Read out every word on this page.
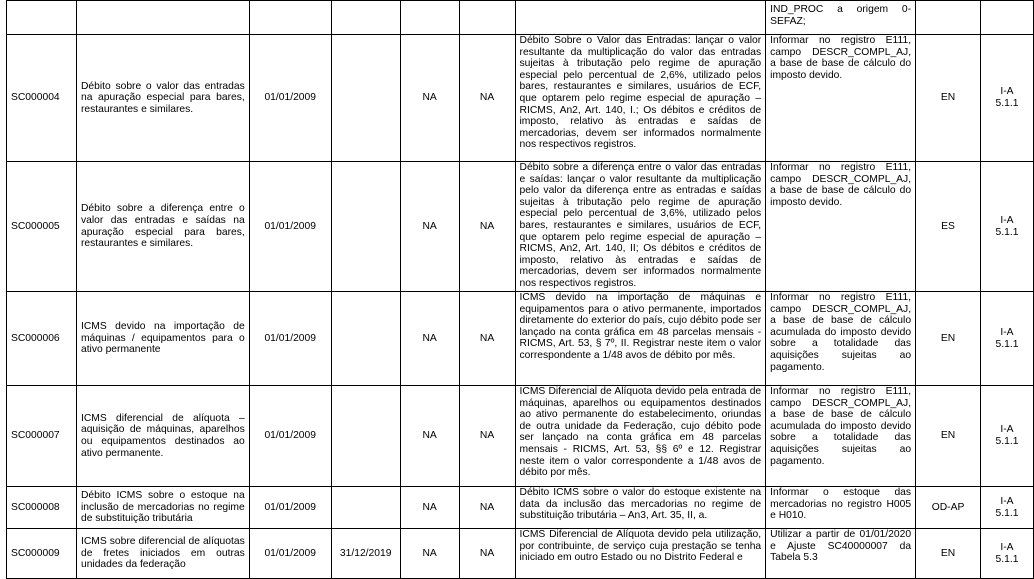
							IND_PROC  a  origem  0-
SEFAZ;		

SC000004	Débito sobre o valor das entradas na apuração especial para bares, restaurantes e similares.	01/01/2009		NA	NA	Débito Sobre o Valor das Entradas: lançar o valor resultante da multiplicação do valor das entradas sujeitas à tributação pelo regime de apuração especial pelo percentual de 2,6%, utilizado pelos bares, restaurantes e similares, usuários de ECF, que optarem pelo regime especial de apuração – RICMS, An2, Art. 140, I.; Os débitos e créditos de imposto, relativo às entradas e saídas de mercadorias, devem ser informados normalmente nos respectivos registros.	Informar no registro E111, campo DESCR_COMPL_AJ, a base de base de cálculo do imposto devido.	EN	I-A
5.1.1

SC000005	Débito sobre a diferença entre o valor das entradas e saídas na apuração especial para bares, restaurantes e similares.	01/01/2009		NA	NA	Débito sobre a diferença entre o valor das entradas e saídas: lançar o valor resultante da multiplicação pelo valor da diferença entre as entradas e saídas sujeitas à tributação pelo regime de apuração especial pelo percentual de 3,6%, utilizado pelos bares, restaurantes e similares, usuários de ECF, que optarem pelo regime especial de apuração – RICMS, An2, Art. 140, II; Os débitos e créditos de imposto, relativo às entradas e saídas de mercadorias, devem ser informados normalmente nos respectivos registros.	Informar no registro E111, campo DESCR_COMPL_AJ, a base de base de cálculo do imposto devido.	ES	I-A
5.1.1

SC000006	ICMS devido na importação de máquinas / equipamentos para o ativo permanente	01/01/2009		NA	NA	ICMS devido na importação de máquinas e equipamentos para o ativo permanente, importados diretamente do exterior do país, cujo débito pode ser lançado na conta gráfica em 48 parcelas mensais - RICMS, Art. 53, § 7º, II. Registrar neste item o valor correspondente a 1/48 avos de débito por mês.	Informar no registro E111, campo DESCR_COMPL_AJ, a base de base de cálculo acumulada do imposto devido sobre a totalidade das aquisições sujeitas ao pagamento.	EN	I-A
5.1.1

SC000007	ICMS diferencial de alíquota – aquisição de máquinas, aparelhos ou equipamentos destinados ao ativo permanente.	01/01/2009		NA	NA	ICMS Diferencial de Alíquota devido pela entrada de máquinas, aparelhos ou equipamentos destinados ao ativo permanente do estabelecimento, oriundas de outra unidade da Federação, cujo débito pode ser lançado na conta gráfica em 48 parcelas mensais - RICMS, Art. 53, §§ 6º e 12. Registrar neste item o valor correspondente a 1/48 avos de débito por mês.	Informar no registro E111, campo DESCR_COMPL_AJ, a base de base de cálculo acumulada do imposto devido sobre a totalidade das aquisições sujeitas ao pagamento.	EN	I-A
5.1.1

SC000008	Débito ICMS sobre o estoque na inclusão de mercadorias no regime de substituição tributária	01/01/2009		NA	NA	Débito ICMS sobre o valor do estoque existente na data da inclusão das mercadorias no regime de substituição tributária – An3, Art. 35, II, a.	Informar o estoque das mercadorias no registro H005 e H010.	OD-AP	I-A
5.1.1

SC000009	ICMS sobre diferencial de alíquotas de fretes iniciados em outras unidades da federação	01/01/2009	31/12/2019	NA	NA	ICMS Diferencial de Alíquota devido pela utilização, por contribuinte, de serviço cuja prestação se tenha iniciado em outro Estado ou no Distrito Federal e	Utilizar a partir de 01/01/2020 e Ajuste SC40000007 da Tabela 5.3	EN	I-A
5.1.1
